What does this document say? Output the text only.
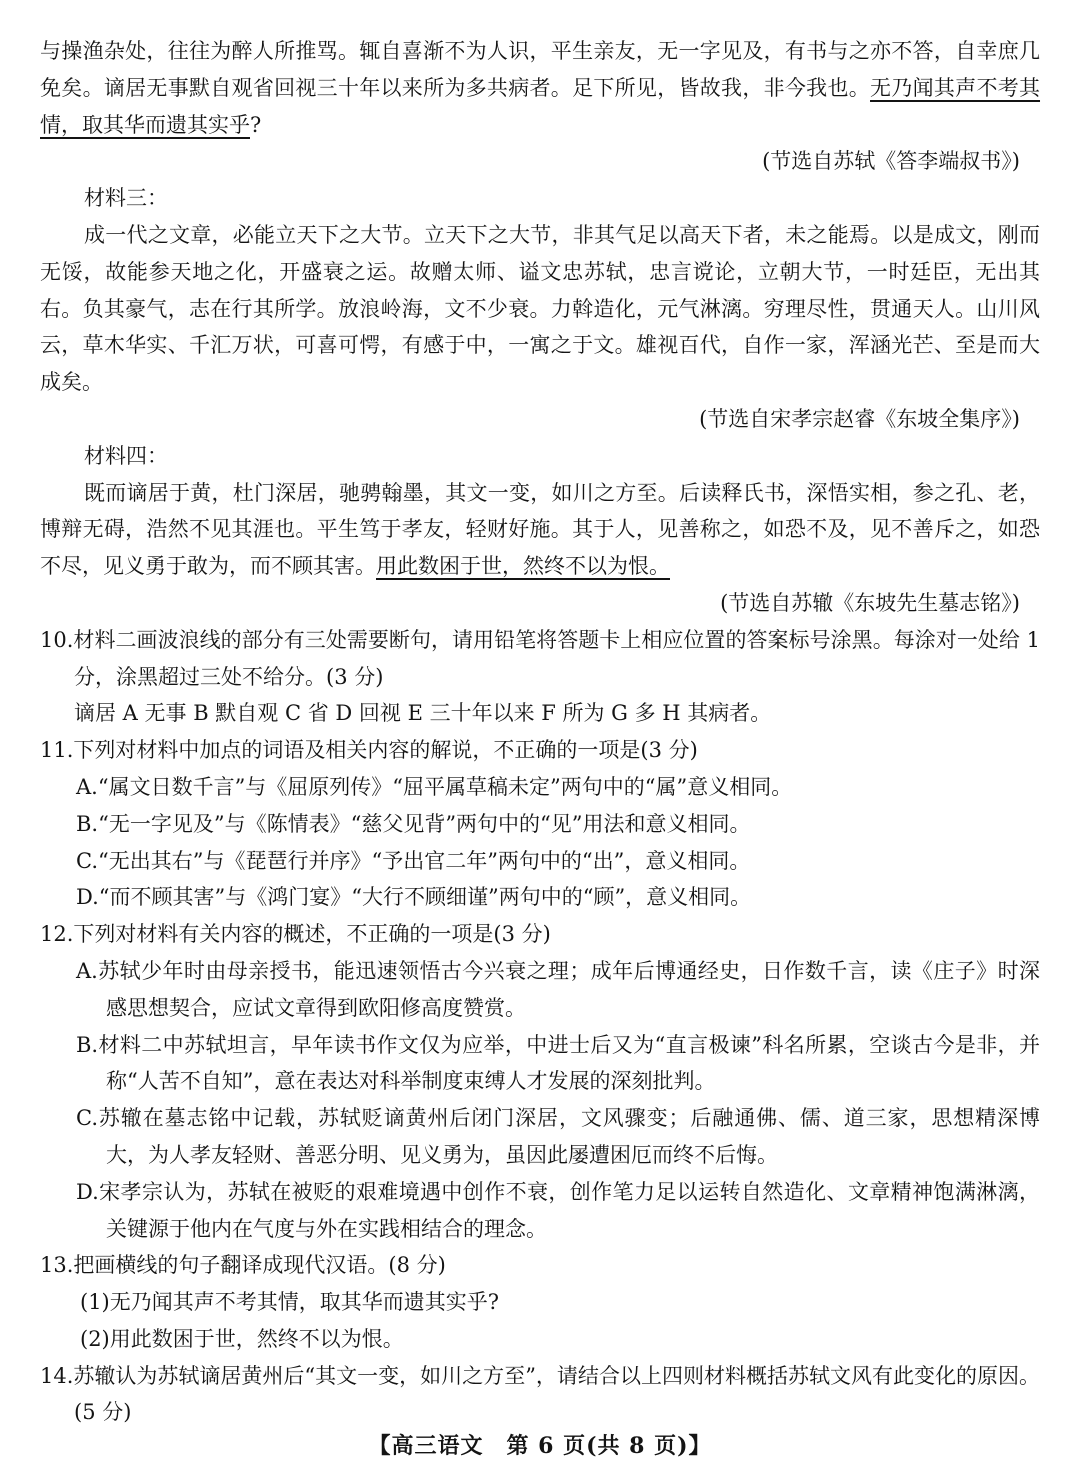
与操渔杂处，往往为醉人所推骂。辄自喜渐不为人识，平生亲友，无一字见及，有书与之亦不答，自幸庶几免矣。谪居无事默自观省回视三十年以来所为多共病者。足下所见，皆故我，非今我也。无乃闻其声不考其情，取其华而遗其实乎?

(节选自苏轼《答李端叔书》)

材料三：

成一代之文章，必能立天下之大节。立天下之大节，非其气足以高天下者，未之能焉。以是成文，刚而无馁，故能参天地之化，开盛衰之运。故赠太师、谥文忠苏轼，忠言谠论，立朝大节，一时廷臣，无出其右。负其豪气，志在行其所学。放浪岭海，文不少衰。力斡造化，元气淋漓。穷理尽性，贯通天人。山川风云，草木华实、千汇万状，可喜可愕，有感于中，一寓之于文。雄视百代，自作一家，浑涵光芒、至是而大成矣。

(节选自宋孝宗赵睿《东坡全集序》)

材料四：

既而谪居于黄，杜门深居，驰骋翰墨，其文一变，如川之方至。后读释氏书，深悟实相，参之孔、老，博辩无碍，浩然不见其涯也。平生笃于孝友，轻财好施。其于人，见善称之，如恐不及，见不善斥之，如恐不尽，见义勇于敢为，而不顾其害。用此数困于世，然终不以为恨。

(节选自苏辙《东坡先生墓志铭》)

10.材料二画波浪线的部分有三处需要断句，请用铅笔将答题卡上相应位置的答案标号涂黑。每涂对一处给 1 分，涂黑超过三处不给分。(3 分)

谪居 A 无事 B 默自观 C 省 D 回视 E 三十年以来 F 所为 G 多 H 其病者。

11.下列对材料中加点的词语及相关内容的解说，不正确的一项是(3 分)

A.“属文日数千言”与《屈原列传》“屈平属草稿未定”两句中的“属”意义相同。

B.“无一字见及”与《陈情表》“慈父见背”两句中的“见”用法和意义相同。

C.“无出其右”与《琵琶行并序》“予出官二年”两句中的“出”，意义相同。

D.“而不顾其害”与《鸿门宴》“大行不顾细谨”两句中的“顾”，意义相同。

12.下列对材料有关内容的概述，不正确的一项是(3 分)

A.苏轼少年时由母亲授书，能迅速领悟古今兴衰之理；成年后博通经史，日作数千言，读《庄子》时深感思想契合，应试文章得到欧阳修高度赞赏。

B.材料二中苏轼坦言，早年读书作文仅为应举，中进士后又为“直言极谏”科名所累，空谈古今是非，并称“人苦不自知”，意在表达对科举制度束缚人才发展的深刻批判。

C.苏辙在墓志铭中记载，苏轼贬谪黄州后闭门深居，文风骤变；后融通佛、儒、道三家，思想精深博大，为人孝友轻财、善恶分明、见义勇为，虽因此屡遭困厄而终不后悔。

D.宋孝宗认为，苏轼在被贬的艰难境遇中创作不衰，创作笔力足以运转自然造化、文章精神饱满淋漓，关键源于他内在气度与外在实践相结合的理念。

13.把画横线的句子翻译成现代汉语。(8 分)

(1)无乃闻其声不考其情，取其华而遗其实乎?

(2)用此数困于世，然终不以为恨。

14.苏辙认为苏轼谪居黄州后“其文一变，如川之方至”，请结合以上四则材料概括苏轼文风有此变化的原因。(5 分)

【高三语文　第 6 页(共 8 页)】
